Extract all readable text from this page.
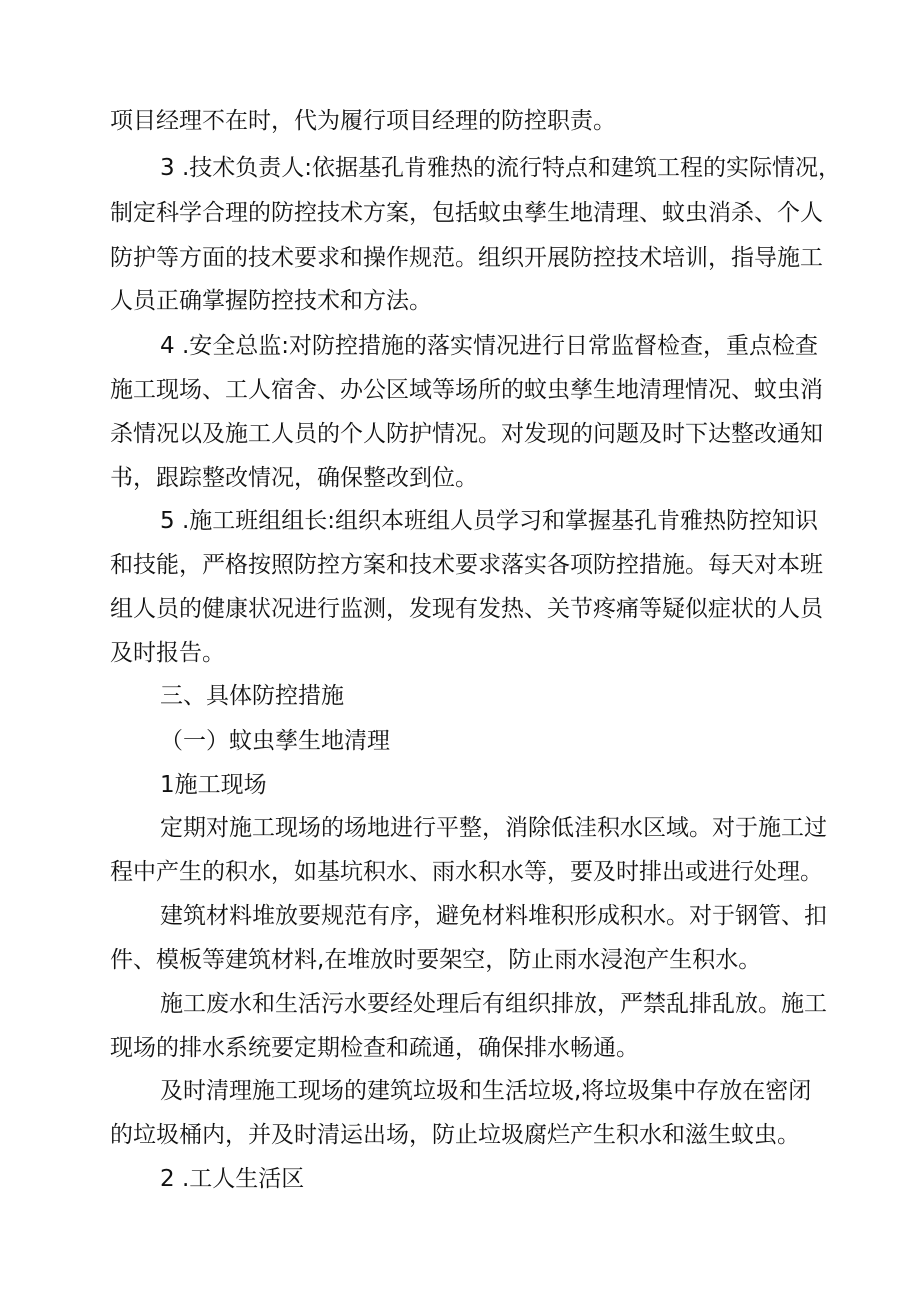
项目经理不在时，代为履行项目经理的防控职责。
3 .技术负责人:依据基孔肯雅热的流行特点和建筑工程的实际情况，
制定科学合理的防控技术方案，包括蚊虫孳生地清理、蚊虫消杀、个人
防护等方面的技术要求和操作规范。组织开展防控技术培训，指导施工
人员正确掌握防控技术和方法。
4 .安全总监:对防控措施的落实情况进行日常监督检查，重点检查
施工现场、工人宿舍、办公区域等场所的蚊虫孳生地清理情况、蚊虫消
杀情况以及施工人员的个人防护情况。对发现的问题及时下达整改通知
书，跟踪整改情况，确保整改到位。
5 .施工班组组长:组织本班组人员学习和掌握基孔肯雅热防控知识
和技能，严格按照防控方案和技术要求落实各项防控措施。每天对本班
组人员的健康状况进行监测，发现有发热、关节疼痛等疑似症状的人员
及时报告。
三、具体防控措施
（一）蚊虫孳生地清理
1施工现场
定期对施工现场的场地进行平整，消除低洼积水区域。对于施工过
程中产生的积水，如基坑积水、雨水积水等，要及时排出或进行处理。
建筑材料堆放要规范有序，避免材料堆积形成积水。对于钢管、扣
件、模板等建筑材料,在堆放时要架空，防止雨水浸泡产生积水。
施工废水和生活污水要经处理后有组织排放，严禁乱排乱放。施工
现场的排水系统要定期检查和疏通，确保排水畅通。
及时清理施工现场的建筑垃圾和生活垃圾,将垃圾集中存放在密闭
的垃圾桶内，并及时清运出场，防止垃圾腐烂产生积水和滋生蚊虫。
2 .工人生活区
